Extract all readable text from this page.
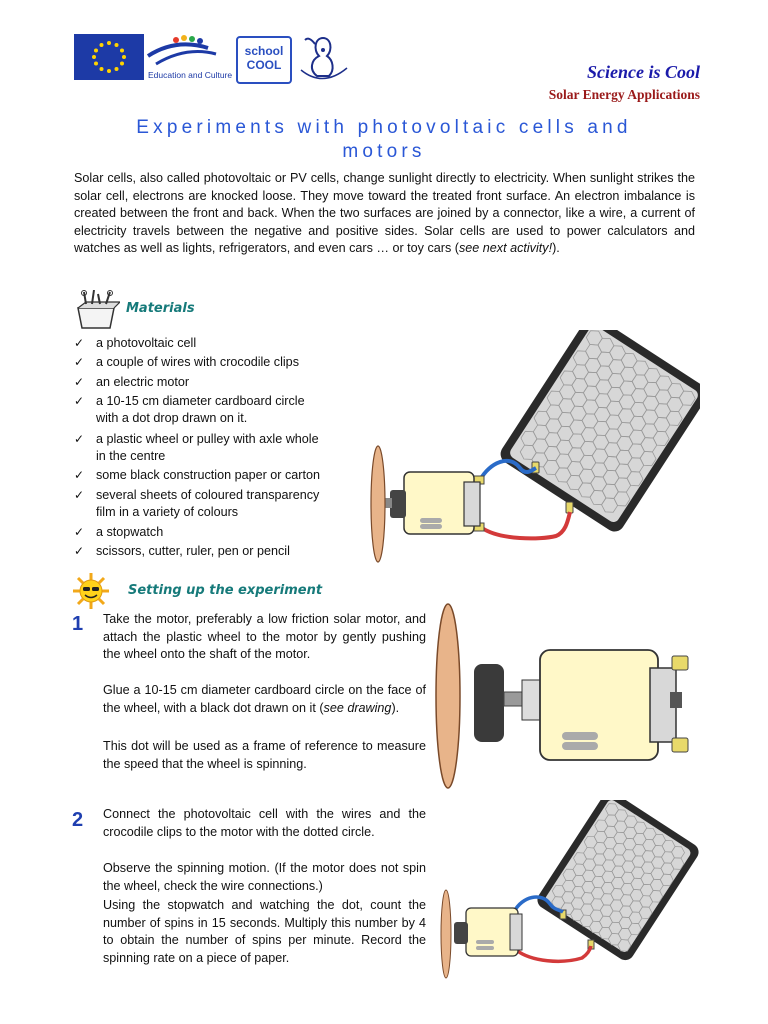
Education and Culture
school COOL	Science is Cool
Solar Energy Applications
Experiments with photovoltaic cells and
motors
Solar cells, also called photovoltaic or PV cells, change sunlight directly to electricity. When sunlight strikes the solar cell, electrons are knocked loose. They move toward the treated front surface. An electron imbalance is created between the front and back. When the two surfaces are joined by a connector, like a wire, a current of electricity travels between the negative and positive sides. Solar cells are used to power calculators and watches as well as lights, refrigerators, and even cars … or toy cars (see next activity!).
Materials
✓ a photovoltaic cell
✓ a couple of wires with crocodile clips
✓ an electric motor
✓ a 10-15 cm diameter cardboard circle
with a dot drop drawn on it.
✓ a plastic wheel or pulley with axle whole
in the centre
✓ some black construction paper or carton
✓ several sheets of coloured transparency
film in a variety of colours
✓ a stopwatch
✓ scissors, cutter, ruler, pen or pencil
Setting up the experiment
1 Take the motor, preferably a low friction solar motor, and attach the plastic wheel to the motor by gently pushing the wheel onto the shaft of the motor.
Glue a 10-15 cm diameter cardboard circle on the face of the wheel, with a black dot drawn on it (see drawing).
This dot will be used as a frame of reference to measure the speed that the wheel is spinning.
2 Connect the photovoltaic cell with the wires and the crocodile clips to the motor with the dotted circle.
Observe the spinning motion. (If the motor does not spin the wheel, check the wire connections.)
Using the stopwatch and watching the dot, count the number of spins in 15 seconds. Multiply this number by 4 to obtain the number of spins per minute. Record the spinning rate on a piece of paper.
